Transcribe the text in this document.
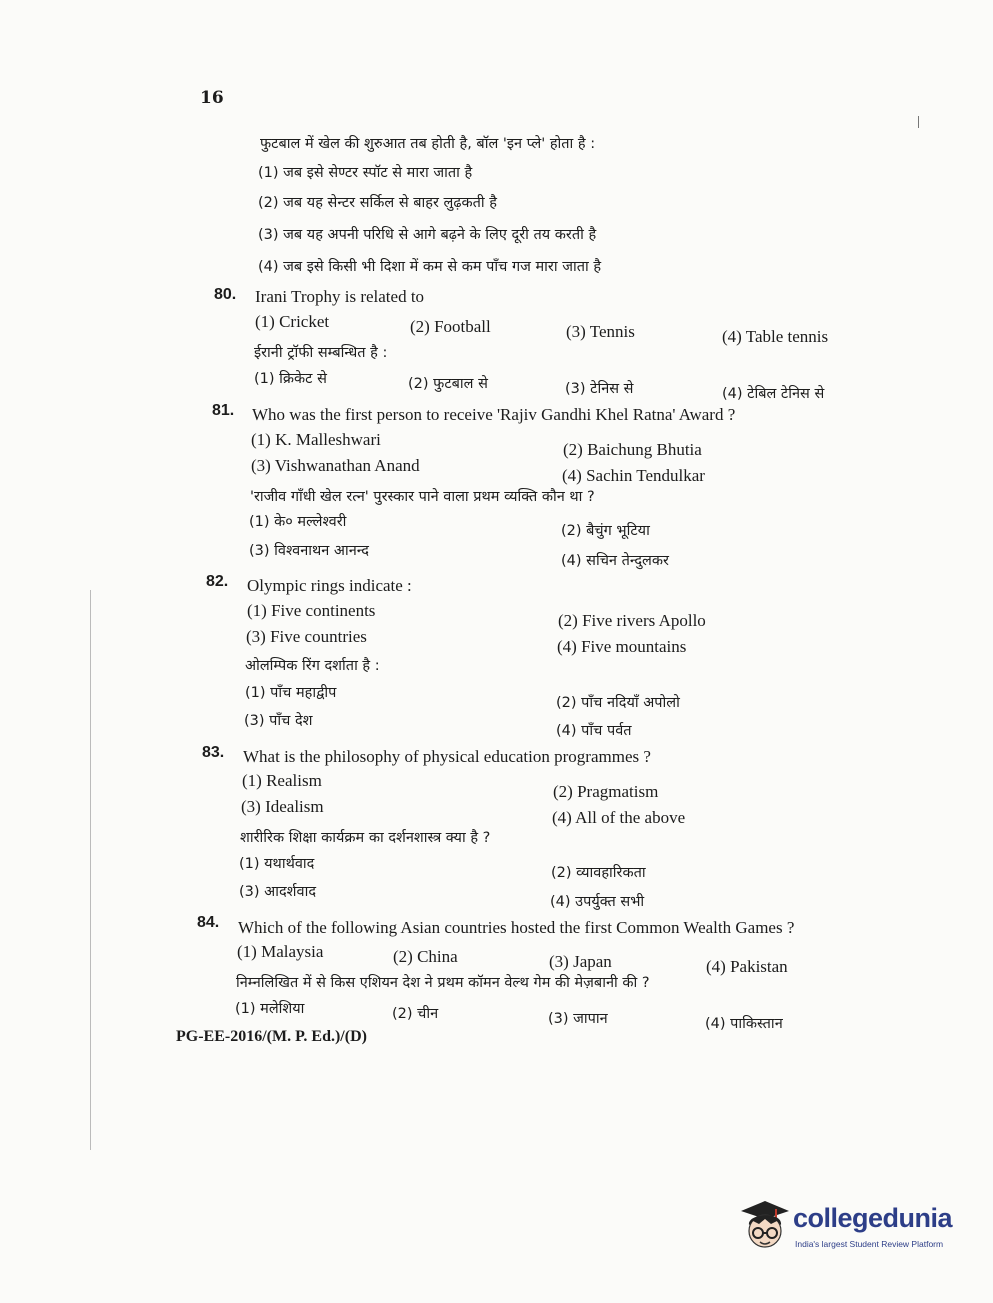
16
फुटबाल में खेल की शुरुआत तब होती है, बॉल 'इन प्ले' होता है :
(1) जब इसे सेण्टर स्पॉट से मारा जाता है
(2) जब यह सेन्टर सर्किल से बाहर लुढ़कती है
(3) जब यह अपनी परिधि से आगे बढ़ने के लिए दूरी तय करती है
(4) जब इसे किसी भी दिशा में कम से कम पाँच गज मारा जाता है
80. Irani Trophy is related to
(1) Cricket	(2) Football	(3) Tennis	(4) Table tennis
ईरानी ट्रॉफी सम्बन्धित है :
(1) क्रिकेट से	(2) फुटबाल से	(3) टेनिस से	(4) टेबिल टेनिस से
81. Who was the first person to receive 'Rajiv Gandhi Khel Ratna' Award ?
(1) K. Malleshwari
(2) Baichung Bhutia
(3) Vishwanathan Anand
(4) Sachin Tendulkar
'राजीव गाँधी खेल रत्न' पुरस्कार पाने वाला प्रथम व्यक्ति कौन था ?
(1) के० मल्लेश्वरी
(2) बैचुंग भूटिया
(3) विश्वनाथन आनन्द
(4) सचिन तेन्दुलकर
82. Olympic rings indicate :
(1) Five continents
(2) Five rivers Apollo
(3) Five countries
(4) Five mountains
ओलम्पिक रिंग दर्शाता है :
(1) पाँच महाद्वीप
(2) पाँच नदियाँ अपोलो
(3) पाँच देश
(4) पाँच पर्वत
83. What is the philosophy of physical education programmes ?
(1) Realism
(2) Pragmatism
(3) Idealism
(4) All of the above
शारीरिक शिक्षा कार्यक्रम का दर्शनशास्त्र क्या है ?
(1) यथार्थवाद
(2) व्यावहारिकता
(3) आदर्शवाद
(4) उपर्युक्त सभी
84. Which of the following Asian countries hosted the first Common Wealth Games ?
(1) Malaysia	(2) China	(3) Japan	(4) Pakistan
निम्नलिखित में से किस एशियन देश ने प्रथम कॉमन वेल्थ गेम की मेज़बानी की ?
(1) मलेशिया	(2) चीन	(3) जापान	(4) पाकिस्तान
PG-EE-2016/(M. P. Ed.)/(D)
collegedunia
India's largest Student Review Platform
